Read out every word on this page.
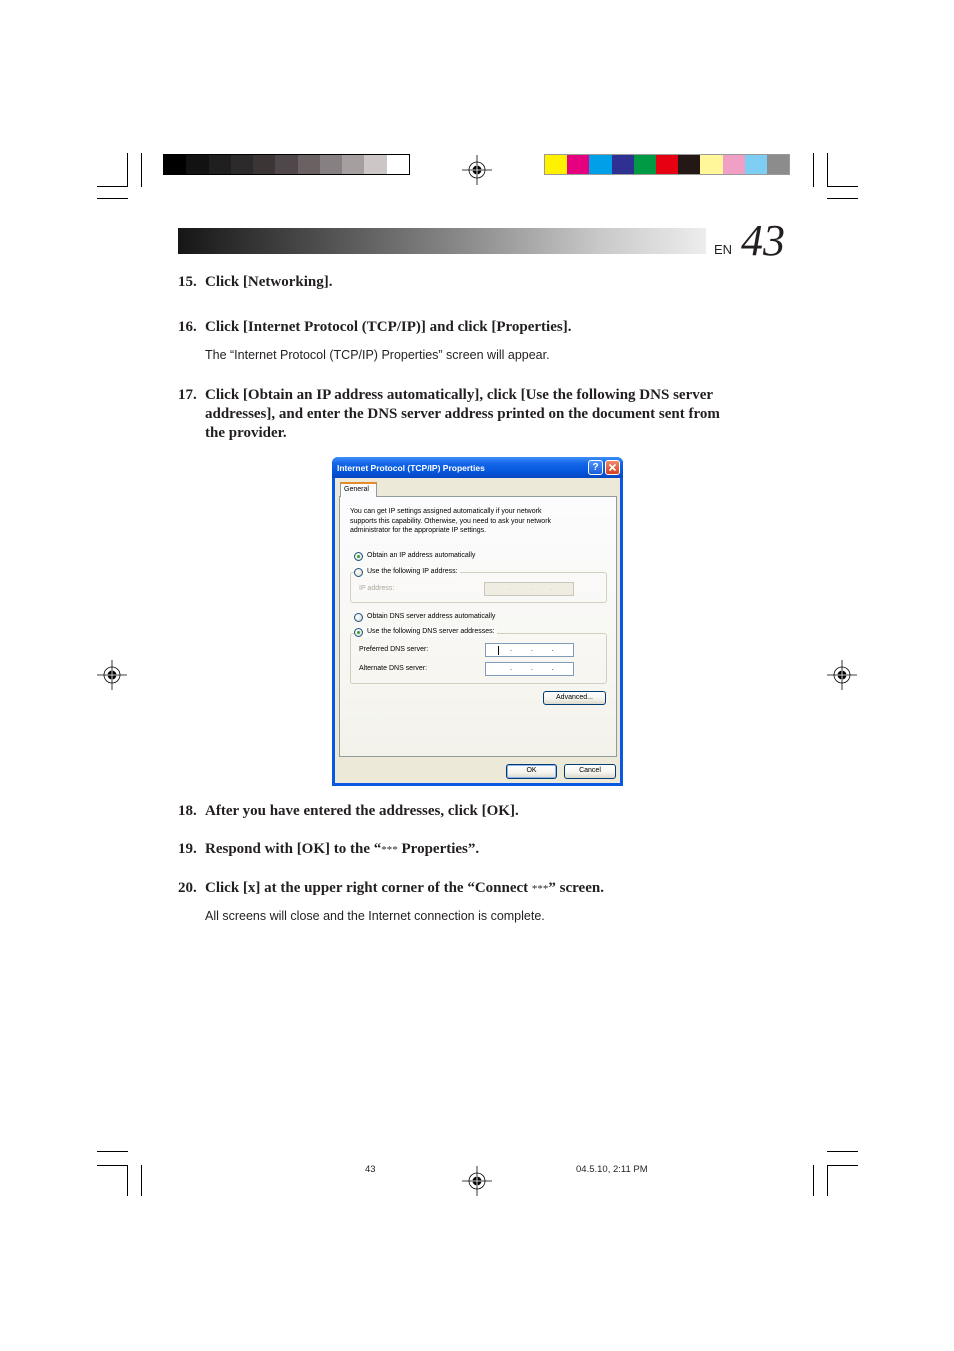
EN 43
15. Click [Networking].
16. Click [Internet Protocol (TCP/IP)] and click [Properties].
The “Internet Protocol (TCP/IP) Properties” screen will appear.
17. Click [Obtain an IP address automatically], click [Use the following DNS server
addresses], and enter the DNS server address printed on the document sent from
the provider.
Internet Protocol (TCP/IP) Properties	?
General
You can get IP settings assigned automatically if your network
supports this capability. Otherwise, you need to ask your network
administrator for the appropriate IP settings.
Obtain an IP address automatically
Use the following IP address:
IP address:	. . .
Obtain DNS server address automatically
Use the following DNS server addresses:
Preferred DNS server:	. . .
Alternate DNS server:	. . .
Advanced...
OK	Cancel
18. After you have entered the addresses, click [OK].
19. Respond with [OK] to the “*** Properties”.
20. Click [x] at the upper right corner of the “Connect ***” screen.
All screens will close and the Internet connection is complete.
43	04.5.10, 2:11 PM
